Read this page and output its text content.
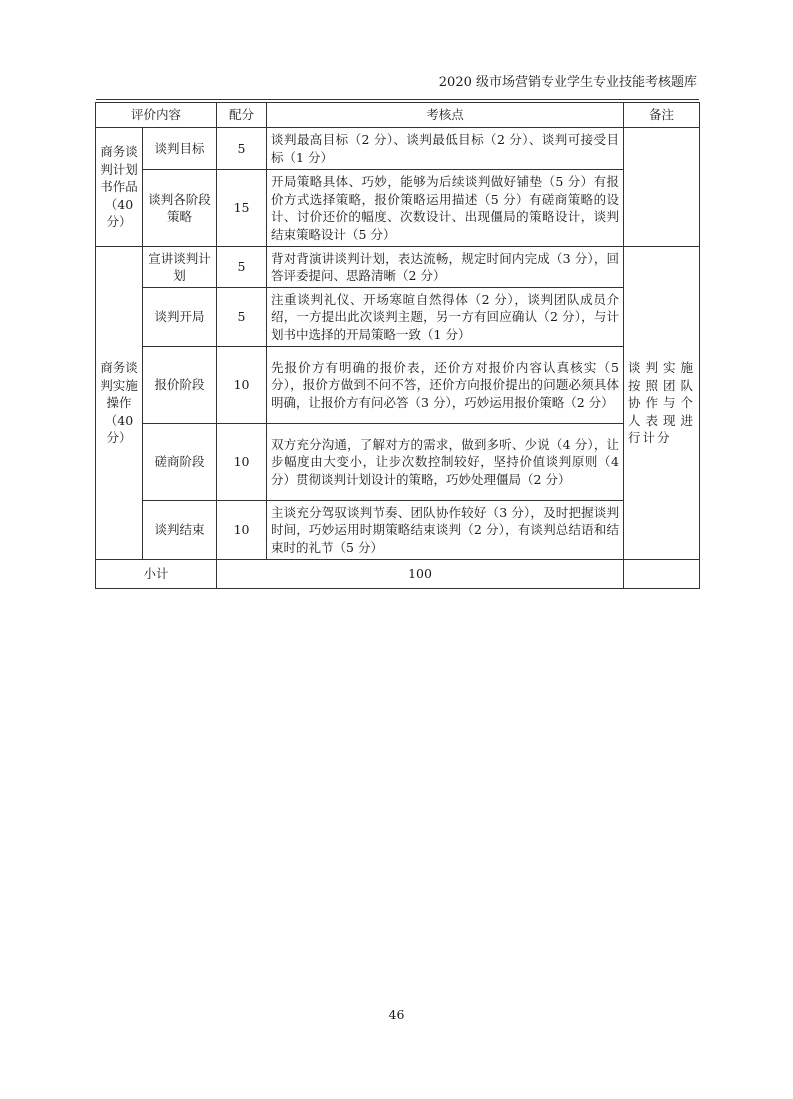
2020 级市场营销专业学生专业技能考核题库
评价内容		配分	考核点	备注
商务谈判计划书作品（40分）	谈判目标	5	谈判最高目标（2 分）、谈判最低目标（2 分）、谈判可接受目标（1 分）	
	谈判各阶段策略	15	开局策略具体、巧妙，能够为后续谈判做好铺垫（5 分）有报价方式选择策略，报价策略运用描述（5 分）有磋商策略的设计、讨价还价的幅度、次数设计、出现僵局的策略设计，谈判结束策略设计（5 分）	
商务谈判实施操作（40分）	宣讲谈判计划	5	背对背演讲谈判计划，表达流畅，规定时间内完成（3 分），回答评委提问、思路清晰（2 分）	谈判实施按照团队协作与个人表现进行计分
	谈判开局	5	注重谈判礼仪、开场寒暄自然得体（2 分），谈判团队成员介绍，一方提出此次谈判主题，另一方有回应确认（2 分），与计划书中选择的开局策略一致（1 分）	
	报价阶段	10	先报价方有明确的报价表，还价方对报价内容认真核实（5分），报价方做到不问不答，还价方向报价提出的问题必须具体明确，让报价方有问必答（3 分），巧妙运用报价策略（2 分）	
	磋商阶段	10	双方充分沟通，了解对方的需求，做到多听、少说（4 分），让步幅度由大变小，让步次数控制较好，坚持价值谈判原则（4 分）贯彻谈判计划设计的策略，巧妙处理僵局（2 分）	
	谈判结束	10	主谈充分驾驭谈判节奏、团队协作较好（3 分），及时把握谈判时间，巧妙运用时期策略结束谈判（2 分），有谈判总结语和结束时的礼节（5 分）	
小计		100		
46
